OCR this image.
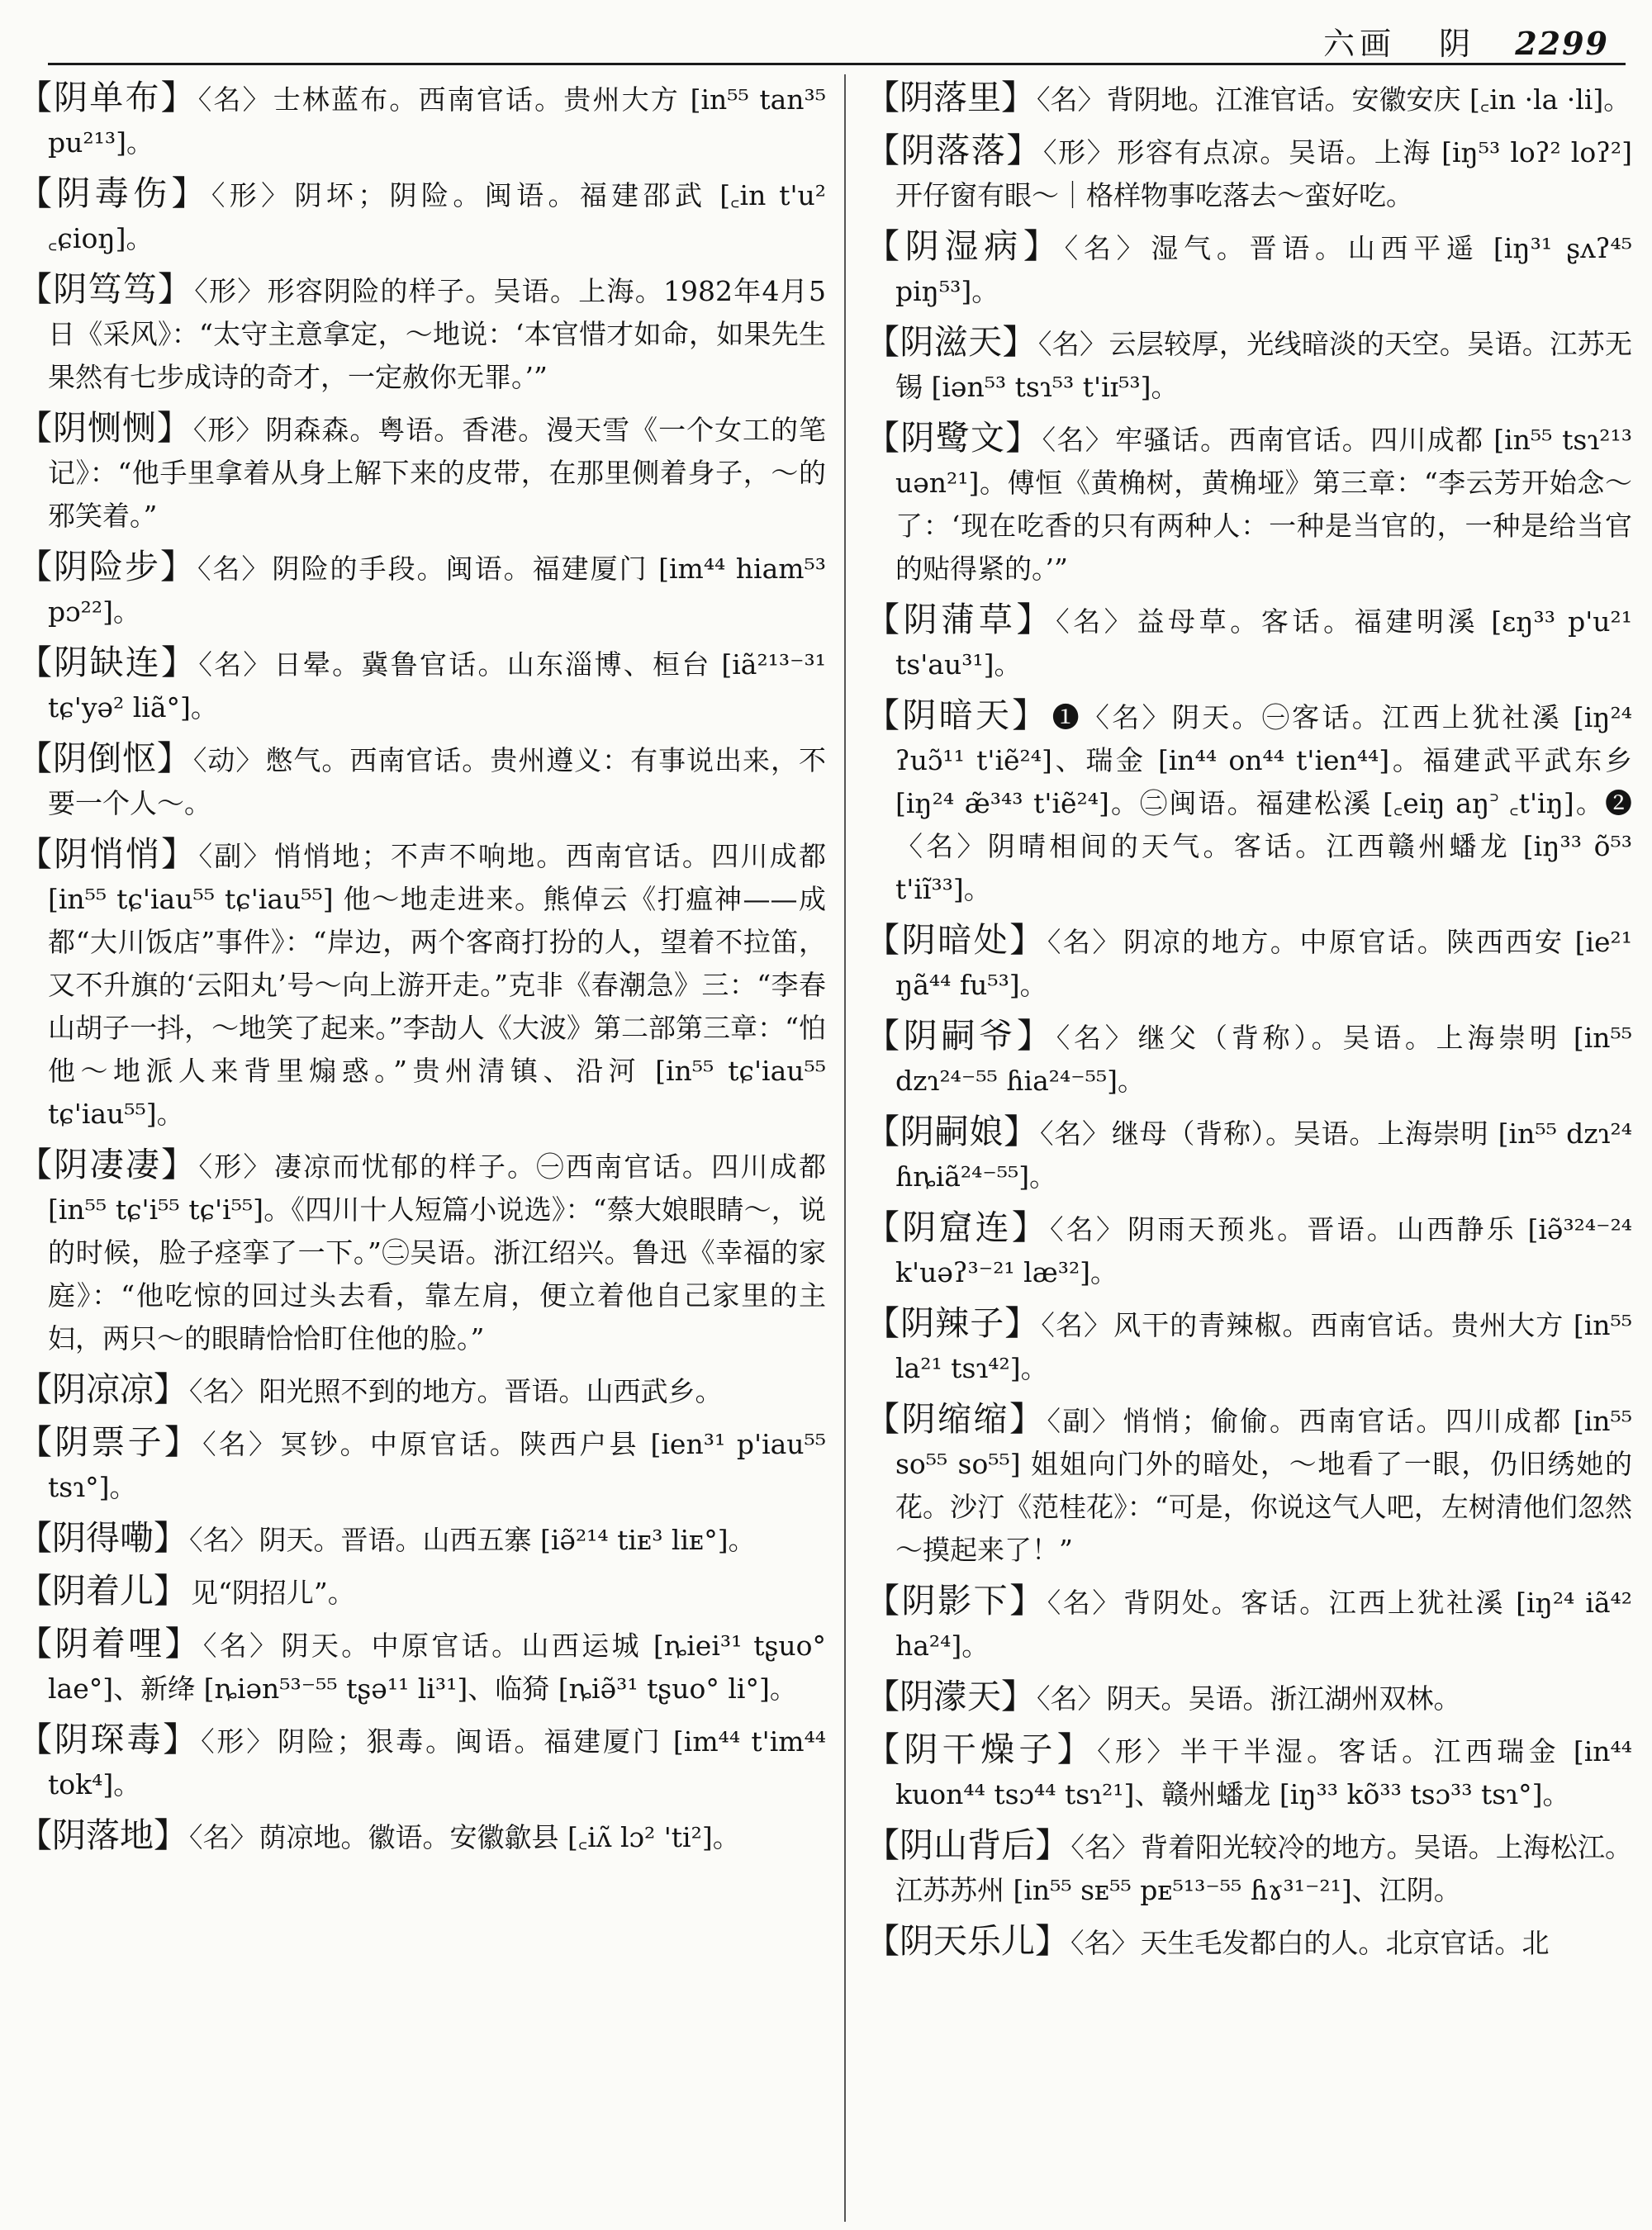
六画 阴 2299

【阴单布】〈名〉士林蓝布。西南官话。贵州大方 [in⁵⁵ tan³⁵ pu²¹³]。

【阴毒伤】〈形〉阴坏；阴险。闽语。福建邵武 [꜀in t'u² ꜀ɕioŋ]。

【阴笃笃】〈形〉形容阴险的样子。吴语。上海。1982年4月5日《采风》：“太守主意拿定，～地说：‘本官惜才如命，如果先生果然有七步成诗的奇才，一定赦你无罪。’”

【阴恻恻】〈形〉阴森森。粤语。香港。漫天雪《一个女工的笔记》：“他手里拿着从身上解下来的皮带，在那里侧着身子，～的邪笑着。”

【阴险步】〈名〉阴险的手段。闽语。福建厦门 [im⁴⁴ hiam⁵³ pɔ²²]。

【阴缺连】〈名〉日晕。冀鲁官话。山东淄博、桓台 [iã²¹³⁻³¹ tɕ'yə² liã°]。

【阴倒怄】〈动〉憋气。西南官话。贵州遵义：有事说出来，不要一个人～。

【阴悄悄】〈副〉悄悄地；不声不响地。西南官话。四川成都 [in⁵⁵ tɕ'iau⁵⁵ tɕ'iau⁵⁵] 他～地走进来。熊倬云《打瘟神——成都“大川饭店”事件》：“岸边，两个客商打扮的人，望着不拉笛，又不升旗的‘云阳丸’号～向上游开走。”克非《春潮急》三：“李春山胡子一抖，～地笑了起来。”李劼人《大波》第二部第三章：“怕他～地派人来背里煽惑。”贵州清镇、沿河 [in⁵⁵ tɕ'iau⁵⁵ tɕ'iau⁵⁵]。

【阴凄凄】〈形〉凄凉而忧郁的样子。㊀西南官话。四川成都 [in⁵⁵ tɕ'i⁵⁵ tɕ'i⁵⁵]。《四川十人短篇小说选》：“蔡大娘眼睛～，说的时候，脸子痉挛了一下。”㊁吴语。浙江绍兴。鲁迅《幸福的家庭》：“他吃惊的回过头去看，靠左肩，便立着他自己家里的主妇，两只～的眼睛恰恰盯住他的脸。”

【阴凉凉】〈名〉阳光照不到的地方。晋语。山西武乡。

【阴票子】〈名〉冥钞。中原官话。陕西户县 [ien³¹ p'iau⁵⁵ tsɿ°]。

【阴得嘞】〈名〉阴天。晋语。山西五寨 [iə̃²¹⁴ tiᴇ³ liᴇ°]。

【阴着儿】 见“阴招儿”。

【阴着哩】〈名〉阴天。中原官话。山西运城 [ȵiei³¹ tʂuo° lae°]、新绛 [ȵiən⁵³⁻⁵⁵ tʂə¹¹ li³¹]、临猗 [ȵiə̃³¹ tʂuo° li°]。

【阴琛毒】〈形〉阴险；狠毒。闽语。福建厦门 [im⁴⁴ t'im⁴⁴ tok⁴]。

【阴落地】〈名〉荫凉地。徽语。安徽歙县 [꜀iʌ̃ lɔ² 'ti²]。

【阴落里】〈名〉背阴地。江淮官话。安徽安庆 [꜀in ·la ·li]。

【阴落落】〈形〉形容有点凉。吴语。上海 [iŋ⁵³ loʔ² loʔ²] 开仔窗有眼～｜格样物事吃落去～蛮好吃。

【阴湿病】〈名〉湿气。晋语。山西平遥 [iŋ³¹ ʂʌʔ⁴⁵ piŋ⁵³]。

【阴滋天】〈名〉云层较厚，光线暗淡的天空。吴语。江苏无锡 [iən⁵³ tsɿ⁵³ t'iɪ⁵³]。

【阴鹭文】〈名〉牢骚话。西南官话。四川成都 [in⁵⁵ tsɿ²¹³ uən²¹]。傅恒《黄桷树，黄桷垭》第三章：“李云芳开始念～了：‘现在吃香的只有两种人：一种是当官的，一种是给当官的贴得紧的。’”

【阴蒲草】〈名〉益母草。客话。福建明溪 [ɛŋ³³ p'u²¹ ts'au³¹]。

【阴暗天】 ❶〈名〉阴天。㊀客话。江西上犹社溪 [iŋ²⁴ ʔuɔ̃¹¹ t'iẽ²⁴]、瑞金 [in⁴⁴ on⁴⁴ t'ien⁴⁴]。福建武平武东乡 [iŋ²⁴ æ̃³⁴³ t'iẽ²⁴]。㊁闽语。福建松溪 [꜀eiŋ aŋ꜄ ꜀t'iŋ]。❷〈名〉阴晴相间的天气。客话。江西赣州蟠龙 [iŋ³³ õ⁵³ t'iĩ³³]。

【阴暗处】〈名〉阴凉的地方。中原官话。陕西西安 [ie²¹ ŋã⁴⁴ fu⁵³]。

【阴嗣爷】〈名〉继父（背称）。吴语。上海崇明 [in⁵⁵ dzɿ²⁴⁻⁵⁵ ɦia²⁴⁻⁵⁵]。

【阴嗣娘】〈名〉继母（背称）。吴语。上海崇明 [in⁵⁵ dzɿ²⁴ ɦȵiã²⁴⁻⁵⁵]。

【阴窟连】〈名〉阴雨天预兆。晋语。山西静乐 [iə̃³²⁴⁻²⁴ k'uəʔ³⁻²¹ læ³²]。

【阴辣子】〈名〉风干的青辣椒。西南官话。贵州大方 [in⁵⁵ la²¹ tsɿ⁴²]。

【阴缩缩】〈副〉悄悄；偷偷。西南官话。四川成都 [in⁵⁵ so⁵⁵ so⁵⁵] 姐姐向门外的暗处，～地看了一眼，仍旧绣她的花。沙汀《范桂花》：“可是，你说这气人吧，左树清他们忽然～摸起来了！”

【阴影下】〈名〉背阴处。客话。江西上犹社溪 [iŋ²⁴ iã⁴² ha²⁴]。

【阴濛天】〈名〉阴天。吴语。浙江湖州双林。

【阴干燥子】〈形〉半干半湿。客话。江西瑞金 [in⁴⁴ kuon⁴⁴ tsɔ⁴⁴ tsɿ²¹]、赣州蟠龙 [iŋ³³ kõ³³ tsɔ³³ tsɿ°]。

【阴山背后】〈名〉背着阳光较冷的地方。吴语。上海松江。江苏苏州 [in⁵⁵ sᴇ⁵⁵ pᴇ⁵¹³⁻⁵⁵ ɦɤ³¹⁻²¹]、江阴。

【阴天乐儿】〈名〉天生毛发都白的人。北京官话。北
